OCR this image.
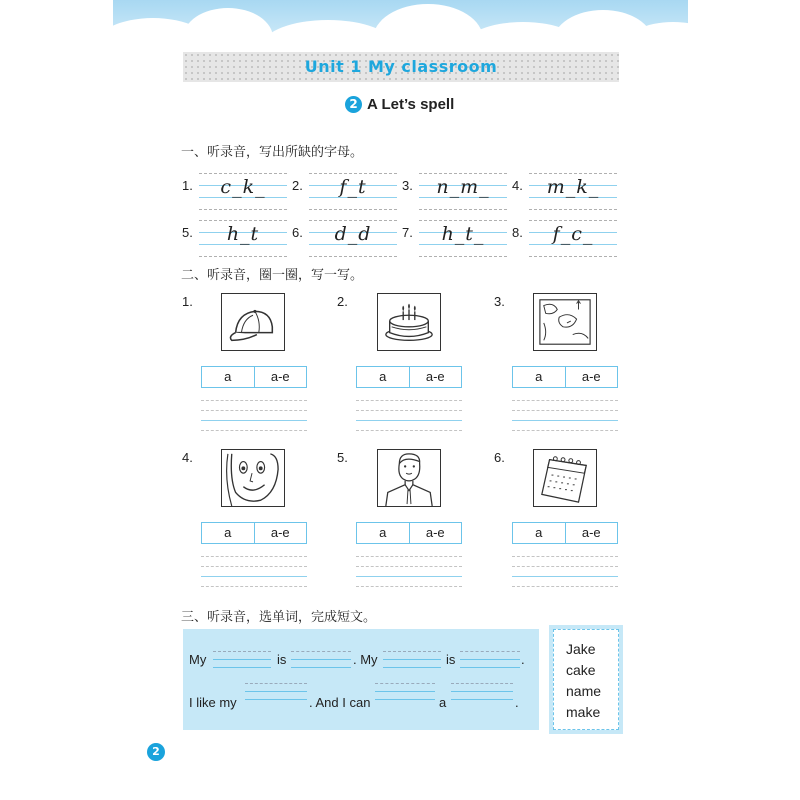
Unit 1 My classroom
2 A Let’s spell
一、听录音，写出所缺的字母。
1.	c_k_	2.	f_t	3.	n_m_	4.	m_k_
5.	h_t	6.	d_d	7.	h_t_	8.	f_c_
二、听录音，圈一圈，写一写。
1.
a	a-e
2.
a	a-e
3.
a	a-e
4.
a	a-e
5.
a	a-e
6.
a	a-e
三、听录音，选单词，完成短文。
My	is	. My	is	.
I like my	. And I can	a	.
Jake
cake
name
make
2
